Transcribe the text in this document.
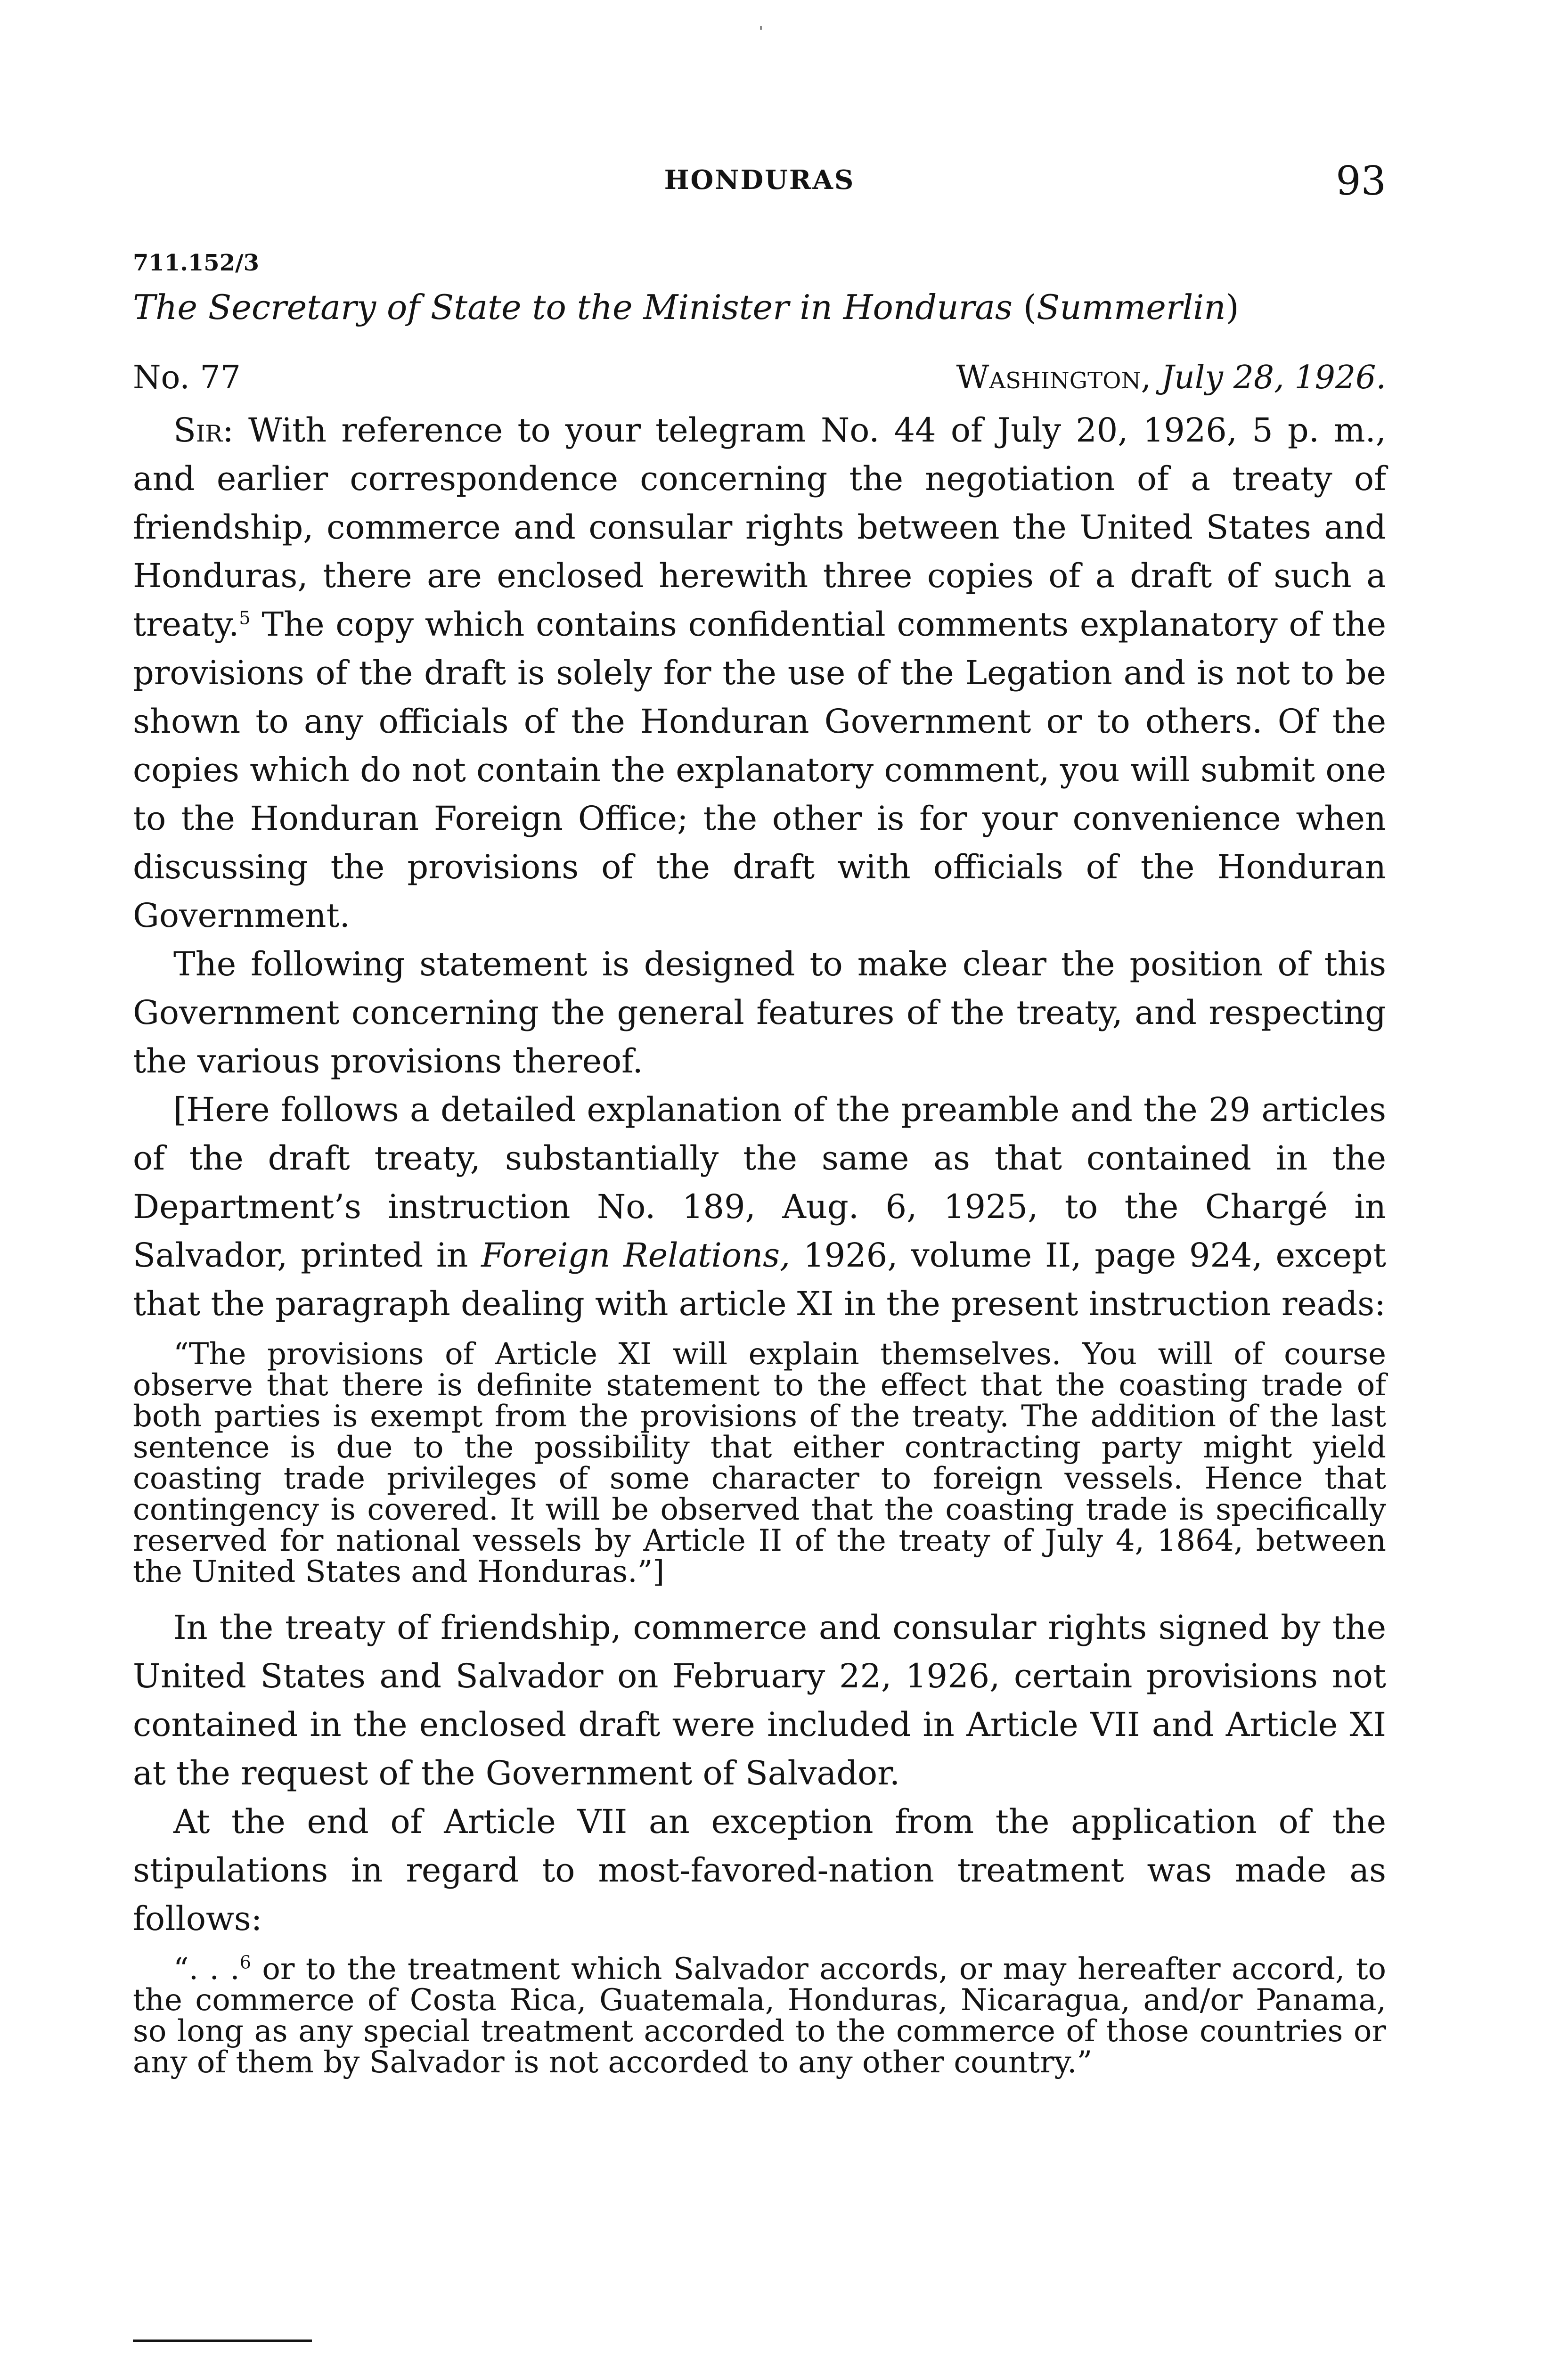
HONDURAS	93
711.152/3
The Secretary of State to the Minister in Honduras (Summerlin)
No. 77	Washington, July 28, 1926.

Sir: With reference to your telegram No. 44 of July 20, 1926, 5 p. m., and earlier correspondence concerning the negotiation of a treaty of friendship, commerce and consular rights between the United States and Honduras, there are enclosed herewith three copies of a draft of such a treaty.$^5$ The copy which contains confidential comments explanatory of the provisions of the draft is solely for the use of the Legation and is not to be shown to any officials of the Honduran Government or to others. Of the copies which do not contain the explanatory comment, you will submit one to the Honduran Foreign Office; the other is for your convenience when discussing the provisions of the draft with officials of the Honduran Government.

The following statement is designed to make clear the position of this Government concerning the general features of the treaty, and respecting the various provisions thereof.

[Here follows a detailed explanation of the preamble and the 29 articles of the draft treaty, substantially the same as that contained in the Department’s instruction No. 189, Aug. 6, 1925, to the Chargé in Salvador, printed in Foreign Relations, 1926, volume II, page 924, except that the paragraph dealing with article XI in the present instruction reads:

“The provisions of Article XI will explain themselves. You will of course observe that there is definite statement to the effect that the coasting trade of both parties is exempt from the provisions of the treaty. The addition of the last sentence is due to the possibility that either contracting party might yield coasting trade privileges of some character to foreign vessels. Hence that contingency is covered. It will be observed that the coasting trade is specifically reserved for national vessels by Article II of the treaty of July 4, 1864, between the United States and Honduras.”]

In the treaty of friendship, commerce and consular rights signed by the United States and Salvador on February 22, 1926, certain provisions not contained in the enclosed draft were included in Article VII and Article XI at the request of the Government of Salvador.

At the end of Article VII an exception from the application of the stipulations in regard to most-favored-nation treatment was made as follows:

“. . .$^6$ or to the treatment which Salvador accords, or may hereafter accord, to the commerce of Costa Rica, Guatemala, Honduras, Nicaragua, and/or Panama, so long as any special treatment accorded to the commerce of those countries or any of them by Salvador is not accorded to any other country.”
